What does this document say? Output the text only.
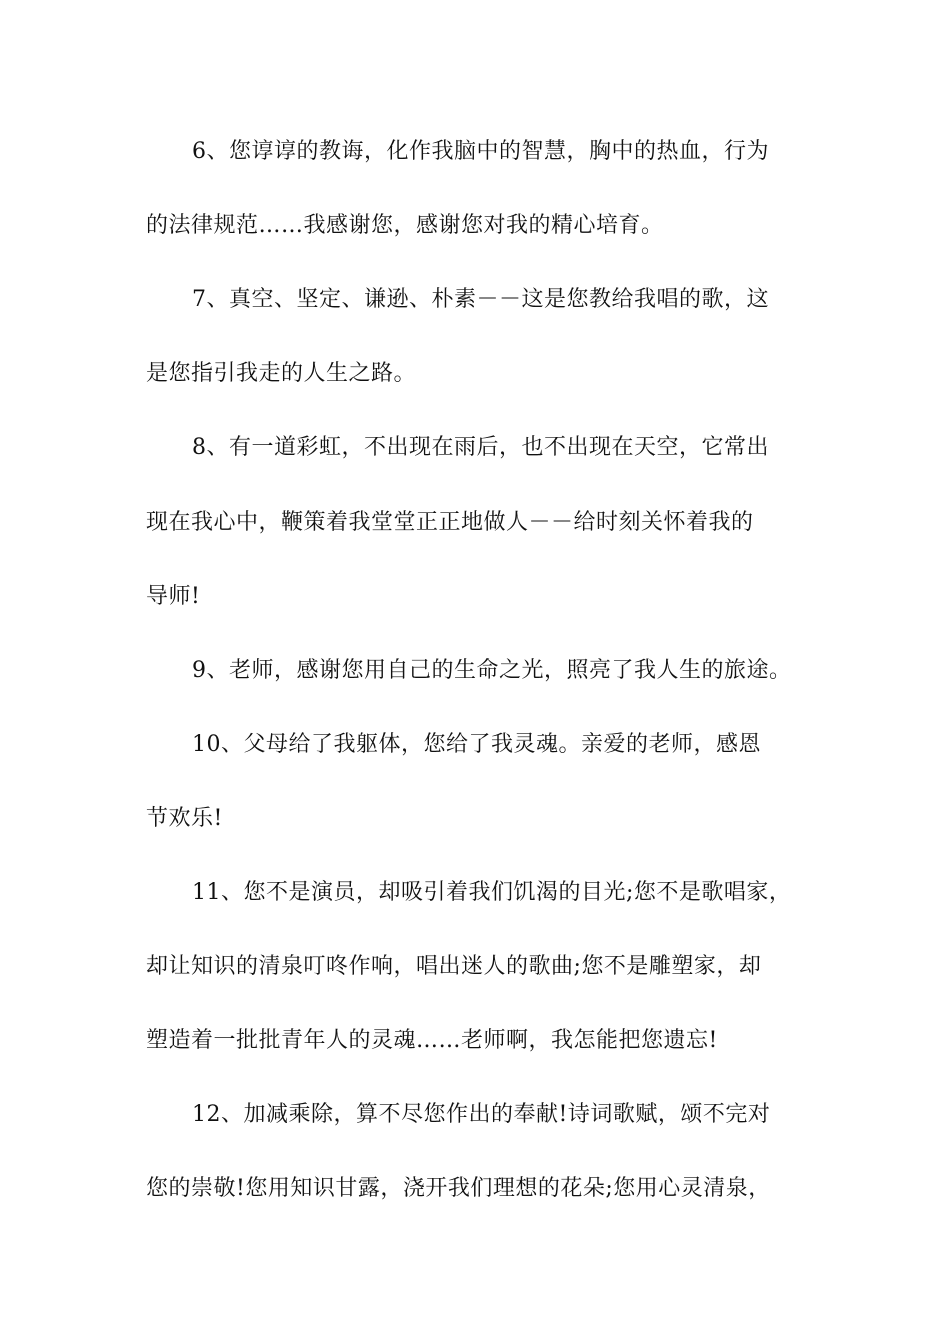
6、您谆谆的教诲，化作我脑中的智慧，胸中的热血，行为
的法律规范……我感谢您，感谢您对我的精心培育。
7、真空、坚定、谦逊、朴素－－这是您教给我唱的歌，这
是您指引我走的人生之路。
8、有一道彩虹，不出现在雨后，也不出现在天空，它常出
现在我心中，鞭策着我堂堂正正地做人－－给时刻关怀着我的
导师!
9、老师，感谢您用自己的生命之光，照亮了我人生的旅途。
10、父母给了我躯体，您给了我灵魂。亲爱的老师，感恩
节欢乐!
11、您不是演员，却吸引着我们饥渴的目光;您不是歌唱家，
却让知识的清泉叮咚作响，唱出迷人的歌曲;您不是雕塑家，却
塑造着一批批青年人的灵魂……老师啊，我怎能把您遗忘!
12、加减乘除，算不尽您作出的奉献!诗词歌赋，颂不完对
您的崇敬!您用知识甘露，浇开我们理想的花朵;您用心灵清泉，
